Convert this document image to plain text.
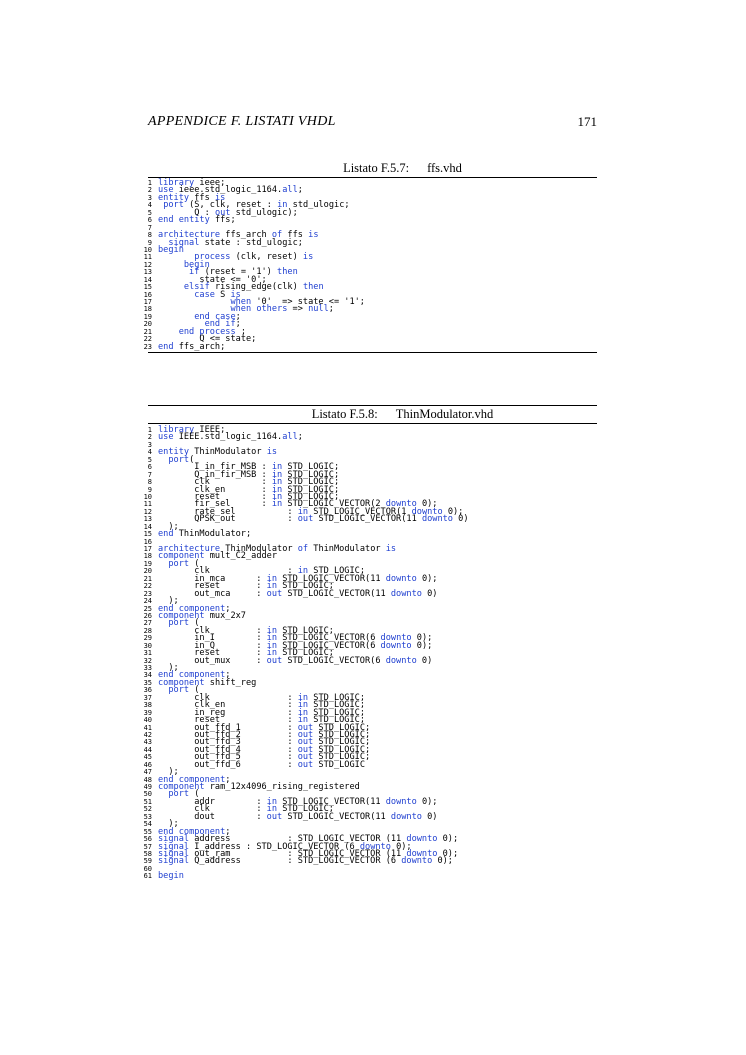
APPENDICE F. LISTATI VHDL	171
Listato F.5.7: ffs.vhd
1 library ieee;
2 use ieee.std_logic_1164.all;
3 entity ffs is
4	port (S, clk, reset : in std_ulogic;
5	Q : out std_ulogic);
6 end entity ffs;
7
8 architecture ffs_arch of ffs is
9	signal state : std_ulogic;
10 begin
11	process (clk, reset) is
12	begin
13	if (reset = '1') then
14	state <= '0';
15	elsif rising_edge(clk) then
16	case S is
17	when '0'  => state <= '1';
18	when others => null;
19	end case;
20	end if;
21	end process ;
22	Q <= state;
23 end ffs_arch;
Listato F.5.8: ThinModulator.vhd
1 library IEEE;
2 use IEEE.std_logic_1164.all;
3
4 entity ThinModulator is
5	port(
6	I_in_fir_MSB : in STD_LOGIC;
7	Q_in_fir_MSB : in STD_LOGIC;
8	clk          : in STD_LOGIC;
9	clk_en       : in STD_LOGIC;
10	reset        : in STD_LOGIC;
11	fir_sel      : in STD_LOGIC_VECTOR(2 downto 0);
12	rate_sel          : in STD_LOGIC_VECTOR(1 downto 0);
13	QPSK_out          : out STD_LOGIC_VECTOR(11 downto 0)
14 );
15 end ThinModulator;
16
17 architecture ThinModulator of ThinModulator is
18 component mult_C2_adder
19	port (
20	clk               : in STD_LOGIC;
21	in_mca      : in STD_LOGIC_VECTOR(11 downto 0);
22	reset       : in STD_LOGIC;
23	out_mca     : out STD_LOGIC_VECTOR(11 downto 0)
24 );
25 end component;
26 component mux_2x7
27	port (
28	clk         : in STD_LOGIC;
29	in_I        : in STD_LOGIC_VECTOR(6 downto 0);
30	in_Q        : in STD_LOGIC_VECTOR(6 downto 0);
31	reset       : in STD_LOGIC;
32	out_mux     : out STD_LOGIC_VECTOR(6 downto 0)
33 );
34 end component;
35 component shift_reg
36	port (
37	clk               : in STD_LOGIC;
38	clk_en            : in STD_LOGIC;
39	in_reg            : in STD_LOGIC;
40	reset             : in STD_LOGIC;
41 out_ffd_1         : out STD_LOGIC;
42 out_ffd_2         : out STD_LOGIC;
43 out_ffd_3         : out STD_LOGIC;
44 out_ffd_4         : out STD_LOGIC;
45 out_ffd_5         : out STD_LOGIC;
46 out_ffd_6         : out STD_LOGIC
47 );
48 end component;
49 component ram_12x4096_rising_registered
50	port (
51	addr        : in STD_LOGIC_VECTOR(11 downto 0);
52	clk         : in STD_LOGIC;
53	dout        : out STD_LOGIC_VECTOR(11 downto 0)
54 );
55 end component;
56 signal address           : STD_LOGIC_VECTOR (11 downto 0);
57 signal I_address : STD_LOGIC_VECTOR (6 downto 0);
58 signal out_ram           : STD_LOGIC_VECTOR (11 downto 0);
59 signal Q_address         : STD_LOGIC_VECTOR (6 downto 0);
60
61 begin
